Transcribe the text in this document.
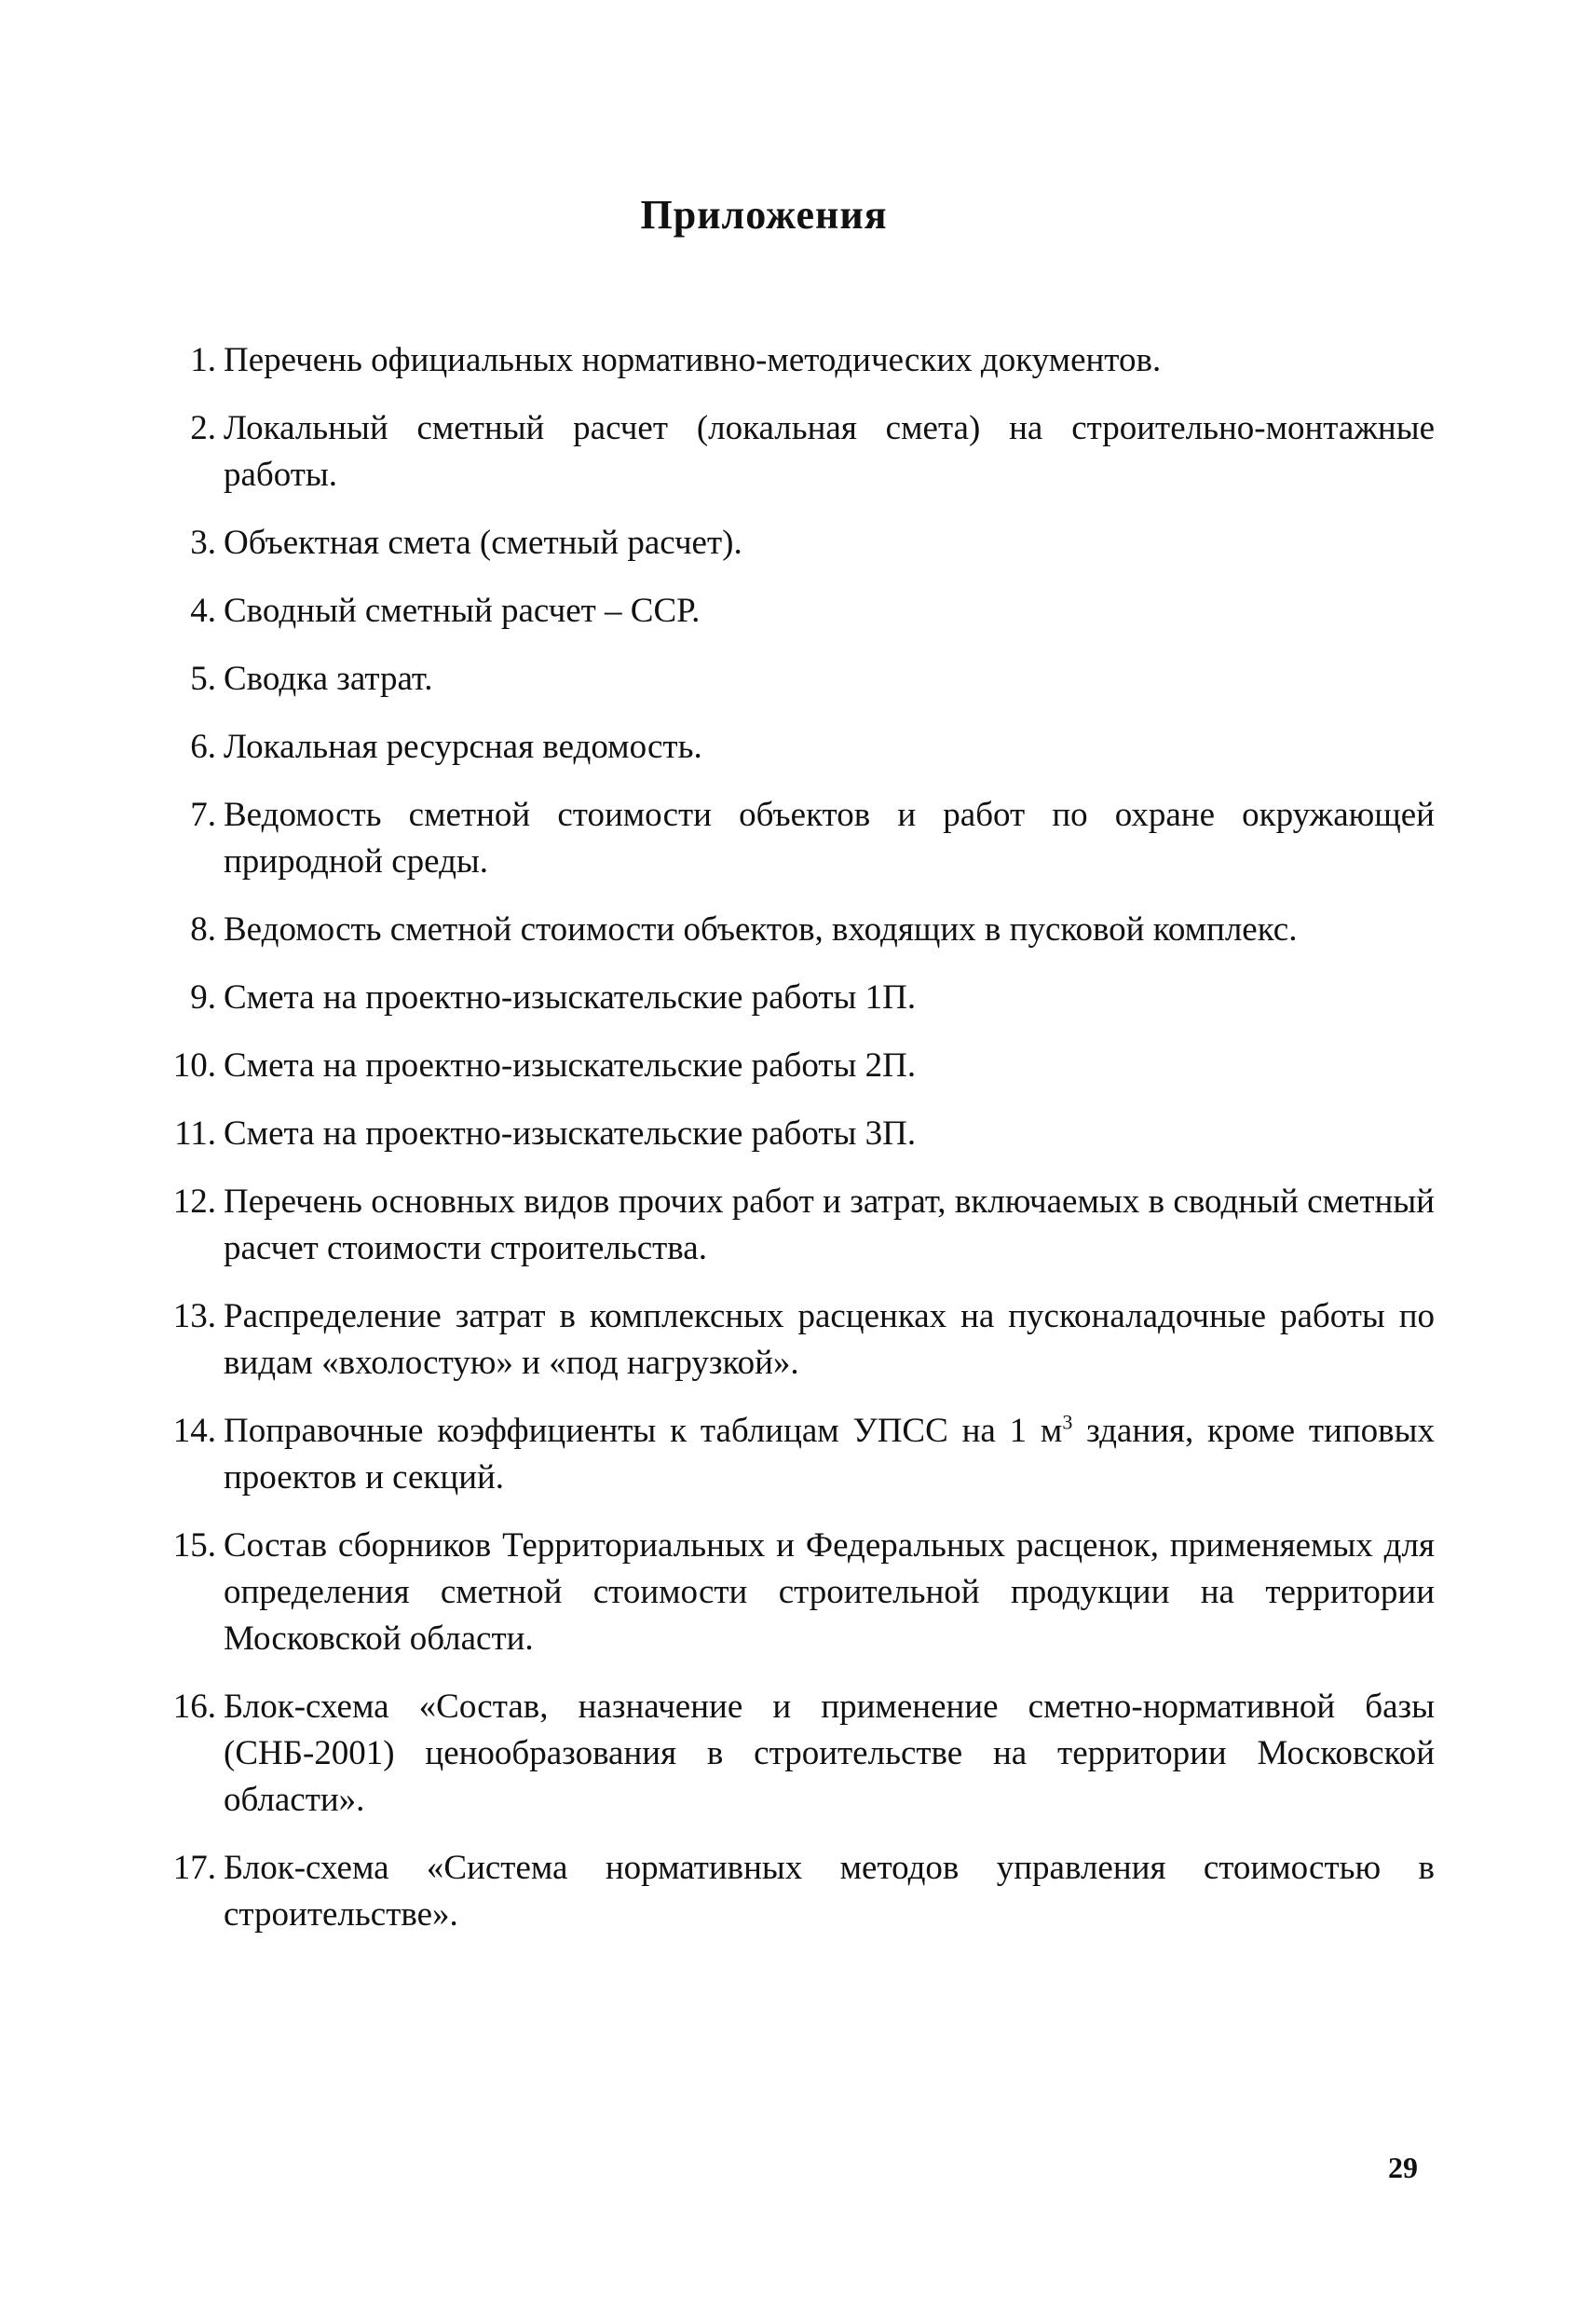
Приложения
1. Перечень официальных нормативно-методических документов.
2. Локальный сметный расчет (локальная смета) на строительно-монтажные работы.
3. Объектная смета (сметный расчет).
4. Сводный сметный расчет – ССР.
5. Сводка затрат.
6. Локальная ресурсная ведомость.
7. Ведомость сметной стоимости объектов и работ по охране окружающей природной среды.
8. Ведомость сметной стоимости объектов, входящих в пусковой комплекс.
9. Смета на проектно-изыскательские работы 1П.
10. Смета на проектно-изыскательские работы 2П.
11. Смета на проектно-изыскательские работы 3П.
12. Перечень основных видов прочих работ и затрат, включаемых в сводный сметный расчет стоимости строительства.
13. Распределение затрат в комплексных расценках на пусконаладочные работы по видам «вхолостую» и «под нагрузкой».
14. Поправочные коэффициенты к таблицам УПСС на 1 $м^3$ здания, кроме типовых проектов и секций.
15. Состав сборников Территориальных и Федеральных расценок, применяемых для определения сметной стоимости строительной продукции на территории Московской области.
16. Блок-схема «Состав, назначение и применение сметно-нормативной базы (СНБ-2001) ценообразования в строительстве на территории Московской области».
17. Блок-схема «Система нормативных методов управления стоимостью в строительстве».
29
